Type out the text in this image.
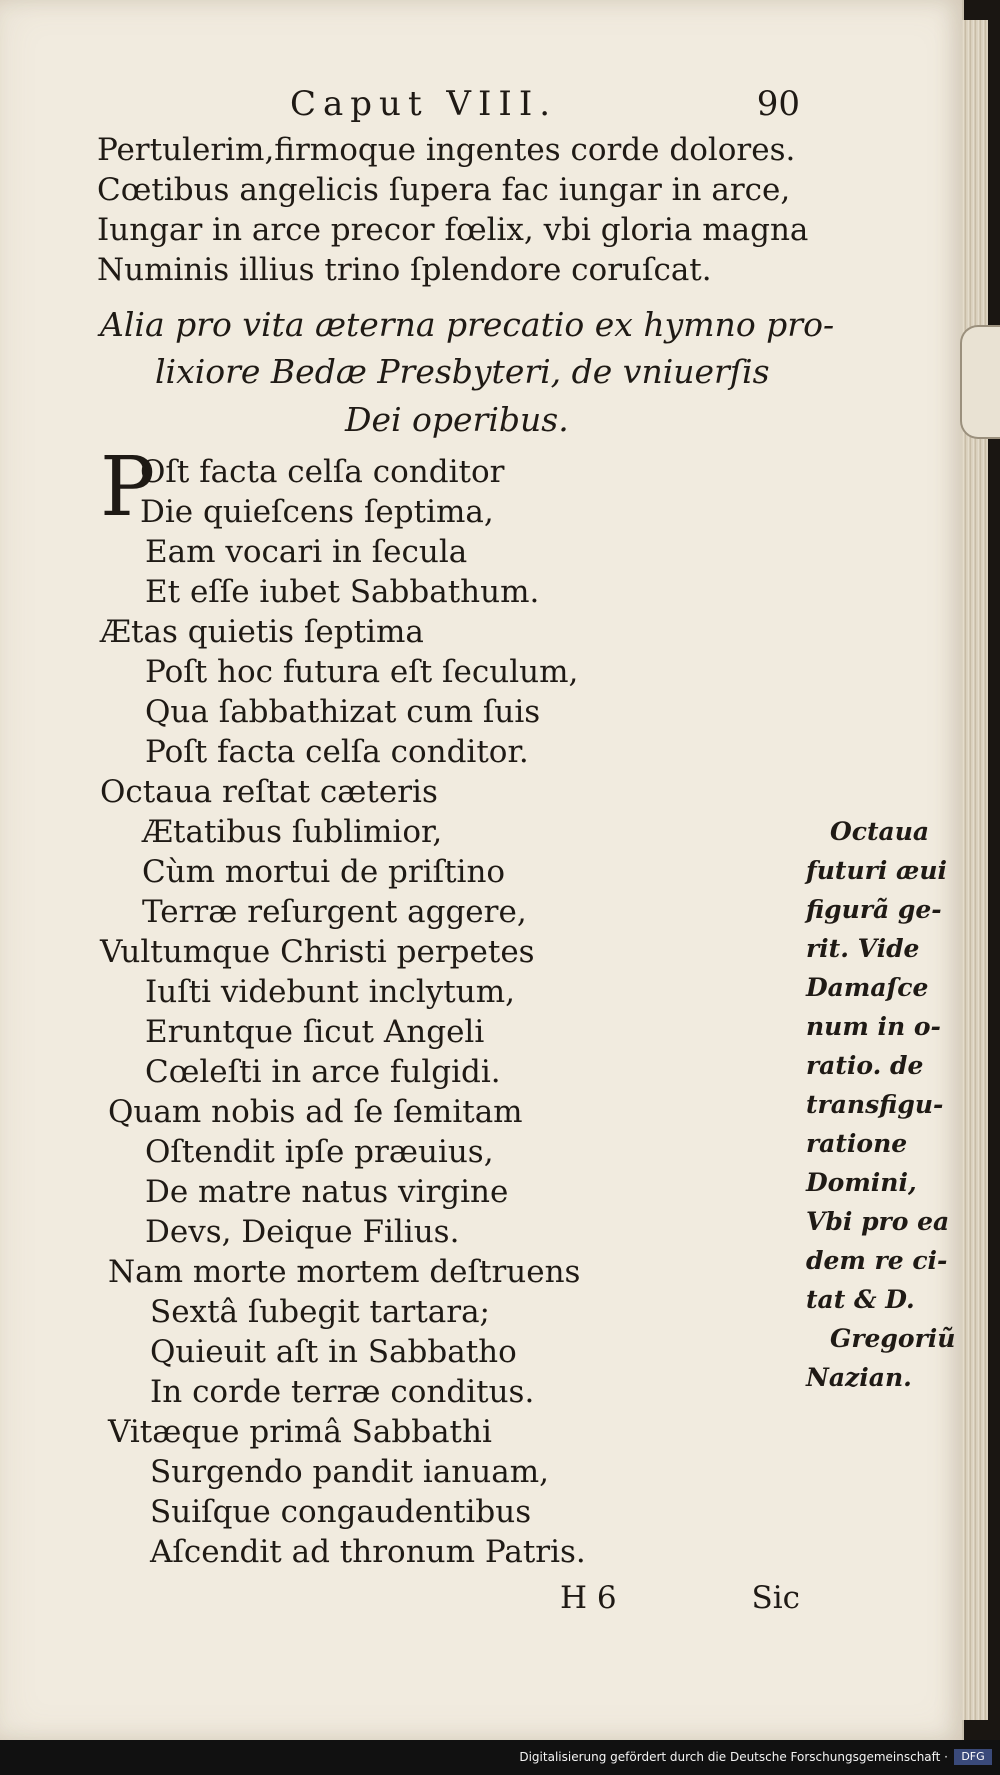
Caput VIII.	90
Pertulerim,firmoque ingentes corde dolores.
Cœtibus angelicis ſupera fac iungar in arce,
Iungar in arce precor fœlix, vbi gloria magna
Numinis illius trino ſplendore coruſcat.
Alia pro vita æterna precatio ex hymno pro-
lixiore Bedæ Presbyteri, de vniuerſis
Dei operibus.
P
Oſt facta celſa conditor
Die quieſcens ſeptima,
Eam vocari in ſecula
Et eſſe iubet Sabbathum.
Ætas quietis ſeptima
Poſt hoc futura eſt ſeculum,
Qua ſabbathizat cum ſuis
Poſt facta celſa conditor.
Octaua reſtat cæteris
Ætatibus ſublimior,
Cùm mortui de priſtino
Terræ reſurgent aggere,
Vultumque Christi perpetes
Iuſti videbunt inclytum,
Eruntque ſicut Angeli
Cœleſti in arce fulgidi.
Quam nobis ad ſe ſemitam
Oſtendit ipſe præuius,
De matre natus virgine
Devs, Deique Filius.
Nam morte mortem deſtruens
Sextâ ſubegit tartara;
Quieuit aſt in Sabbatho
In corde terræ conditus.
Vitæque primâ Sabbathi
Surgendo pandit ianuam,
Suiſque congaudentibus
Aſcendit ad thronum Patris.
Octaua
futuri æui
figurã ge-
rit. Vide
Damaſce
num in o-
ratio. de
transfigu-
ratione
Domini,
Vbi pro ea
dem re ci-
tat & D.
Gregoriũ
Nazian.
H 6	Sic
Digitalisierung gefördert durch die Deutsche Forschungsgemeinschaft ·	DFG
